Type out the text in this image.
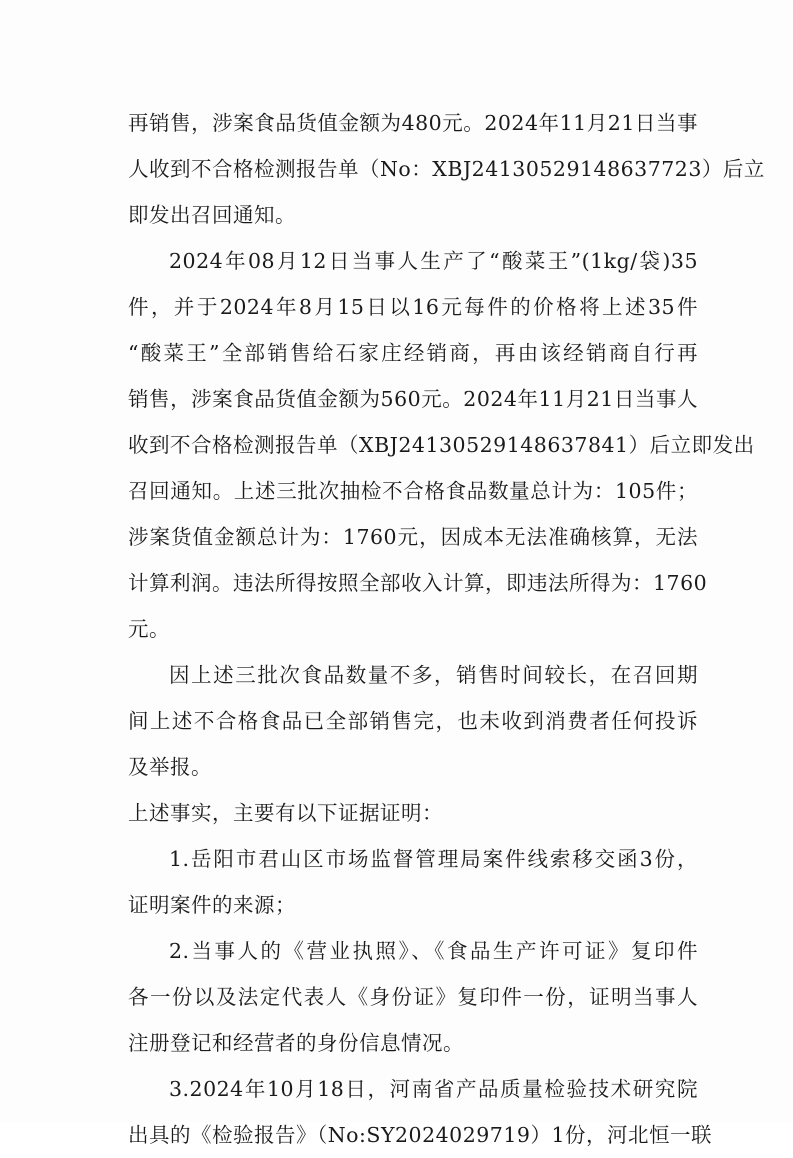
再销售，涉案食品货值金额为480元。2024年11月21日当事
人收到不合格检测报告单（No：XBJ24130529148637723）后立
即发出召回通知。
2024年08月12日当事人生产了“酸菜王”(1kg/袋)35
件，并于2024年8月15日以16元每件的价格将上述35件
“酸菜王”全部销售给石家庄经销商，再由该经销商自行再
销售，涉案食品货值金额为560元。2024年11月21日当事人
收到不合格检测报告单（XBJ24130529148637841）后立即发出
召回通知。上述三批次抽检不合格食品数量总计为：105件；
涉案货值金额总计为：1760元，因成本无法准确核算，无法
计算利润。违法所得按照全部收入计算，即违法所得为：1760
元。
因上述三批次食品数量不多，销售时间较长，在召回期
间上述不合格食品已全部销售完，也未收到消费者任何投诉
及举报。
上述事实，主要有以下证据证明：
1.岳阳市君山区市场监督管理局案件线索移交函3份，
证明案件的来源；
2.当事人的《营业执照》、《食品生产许可证》复印件
各一份以及法定代表人《身份证》复印件一份，证明当事人
注册登记和经营者的身份信息情况。
3.2024年10月18日，河南省产品质量检验技术研究院
出具的《检验报告》（No:SY2024029719）1份，河北恒一联
